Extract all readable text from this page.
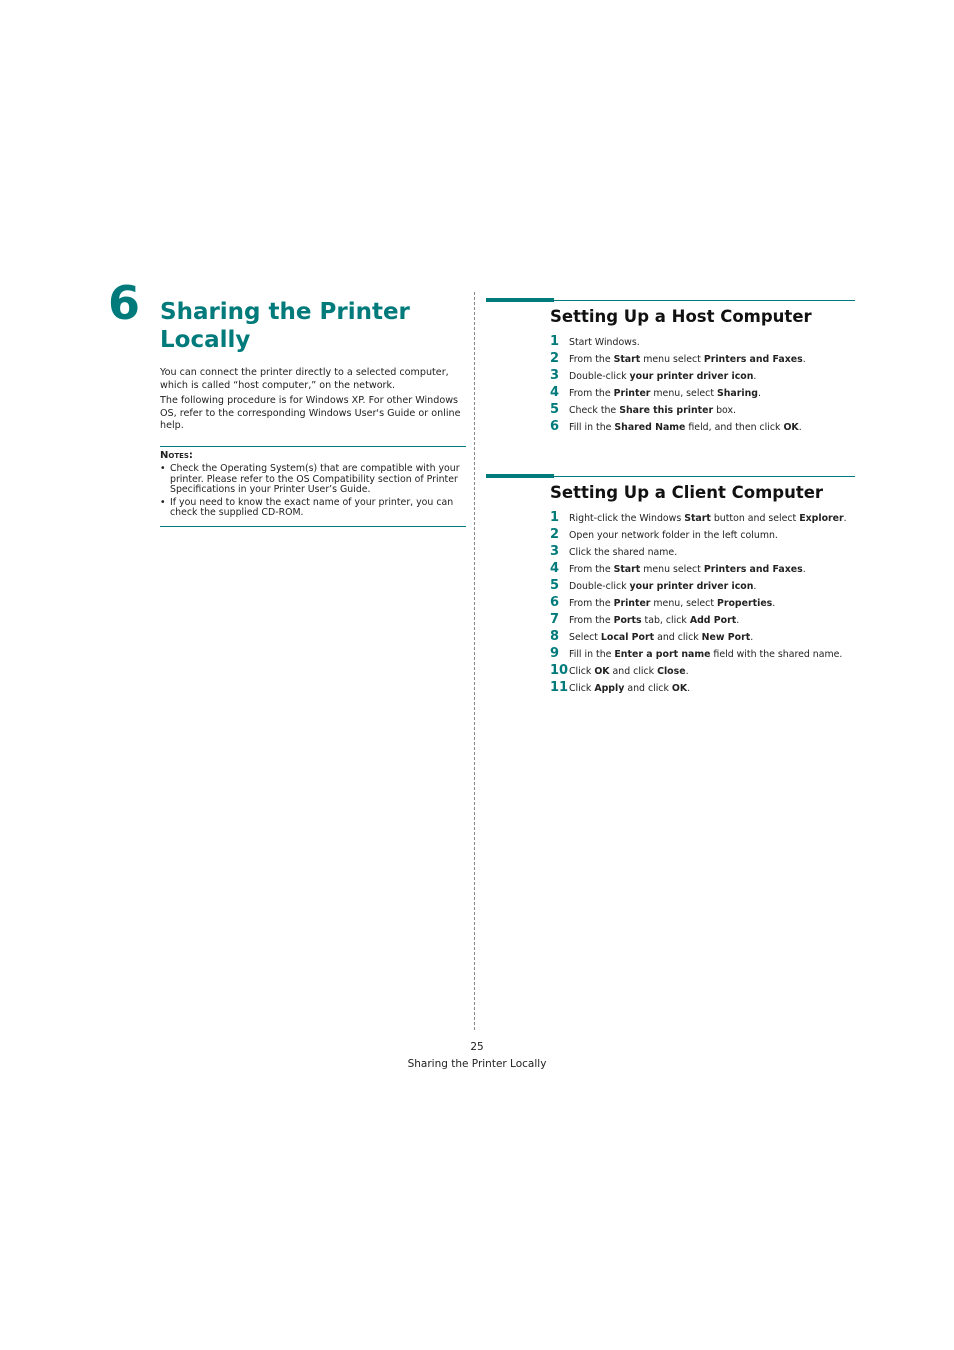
6 Sharing the Printer Locally

You can connect the printer directly to a selected computer, which is called “host computer,” on the network.

The following procedure is for Windows XP. For other Windows OS, refer to the corresponding Windows User's Guide or online help.

Notes:
• Check the Operating System(s) that are compatible with your printer. Please refer to the OS Compatibility section of Printer Specifications in your Printer User’s Guide.
• If you need to know the exact name of your printer, you can check the supplied CD-ROM.
Setting Up a Host Computer
1	Start Windows.
2	From the Start menu select Printers and Faxes.
3	Double-click your printer driver icon.
4	From the Printer menu, select Sharing.
5	Check the Share this printer box.
6	Fill in the Shared Name field, and then click OK.
Setting Up a Client Computer
1	Right-click the Windows Start button and select Explorer.
2	Open your network folder in the left column.
3	Click the shared name.
4	From the Start menu select Printers and Faxes.
5	Double-click your printer driver icon.
6	From the Printer menu, select Properties.
7	From the Ports tab, click Add Port.
8	Select Local Port and click New Port.
9	Fill in the Enter a port name field with the shared name.
10 Click OK and click Close.
11 Click Apply and click OK.
25
Sharing the Printer Locally
